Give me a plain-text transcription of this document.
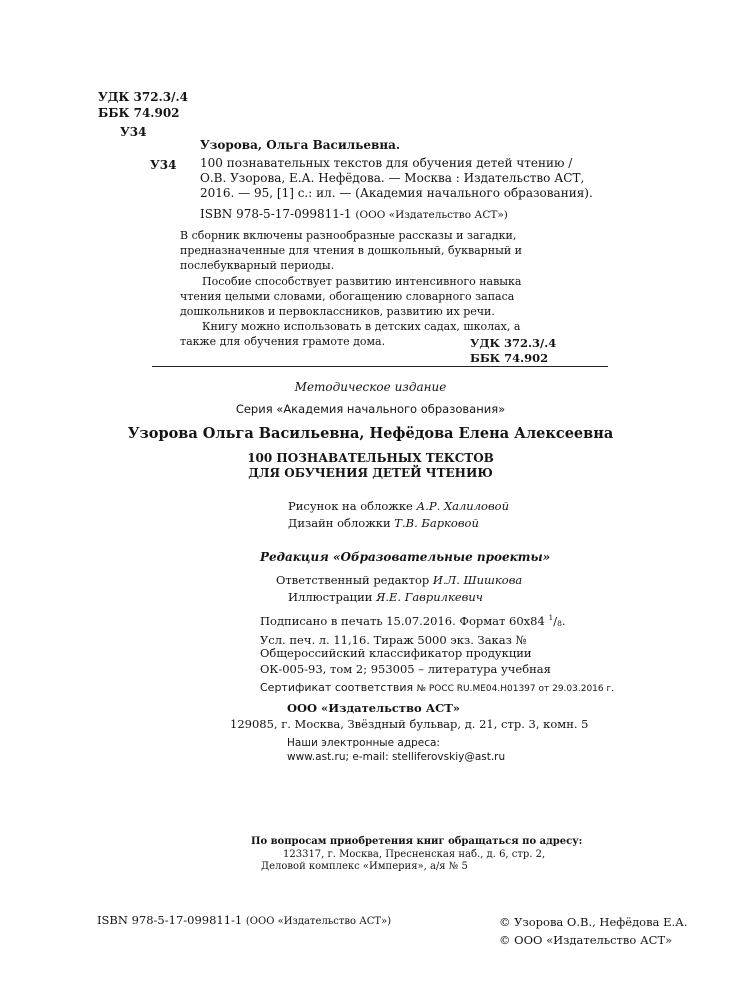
УДК 372.3/.4
ББК 74.902
У34
Узорова, Ольга Васильевна.
У34 100 познавательных текстов для обучения детей чтению /
О.В. Узорова, Е.А. Нефёдова. — Москва : Издательство АСТ,
2016. — 95, [1] с.: ил. — (Академия начального образования).
ISBN 978-5-17-099811-1 (ООО «Издательство АСТ»)

В сборник включены разнообразные рассказы и загадки, предназначенные для чтения в дошкольный, букварный и послебукварный периоды.

Пособие способствует развитию интенсивного навыка чтения целыми словами, обогащению словарного запаса дошкольников и первоклассников, развитию их речи.

Книгу можно использовать в детских садах, школах, а также для обучения грамоте дома.	УДК 372.3/.4
ББК 74.902
Методическое издание
Серия «Академия начального образования»
Узорова Ольга Васильевна, Нефёдова Елена Алексеевна
100 ПОЗНАВАТЕЛЬНЫХ ТЕКСТОВ
ДЛЯ ОБУЧЕНИЯ ДЕТЕЙ ЧТЕНИЮ
Рисунок на обложке А.Р. Халиловой
Дизайн обложки Т.В. Барковой
Редакция «Образовательные проекты»
Ответственный редактор И.Л. Шишкова
Иллюстрации Я.Е. Гаврилкевич
Подписано в печать 15.07.2016. Формат 60х84 $^1/_8$.
Усл. печ. л. 11,16. Тираж 5000 экз. Заказ №
Общероссийский классификатор продукции
ОК-005-93, том 2; 953005 – литература учебная
Сертификат соответствия № РОСС RU.МЕ04.Н01397 от 29.03.2016 г.
ООО «Издательство АСТ»
129085, г. Москва, Звёздный бульвар, д. 21, стр. 3, комн. 5
Наши электронные адреса:
www.ast.ru; e-mail: stelliferovskiy@ast.ru
По вопросам приобретения книг обращаться по адресу:
123317, г. Москва, Пресненская наб., д. 6, стр. 2,
Деловой комплекс «Империя», а/я № 5
ISBN 978-5-17-099811-1 (ООО «Издательство АСТ»)	© Узорова О.В., Нефёдова Е.А.
© ООО «Издательство АСТ»
